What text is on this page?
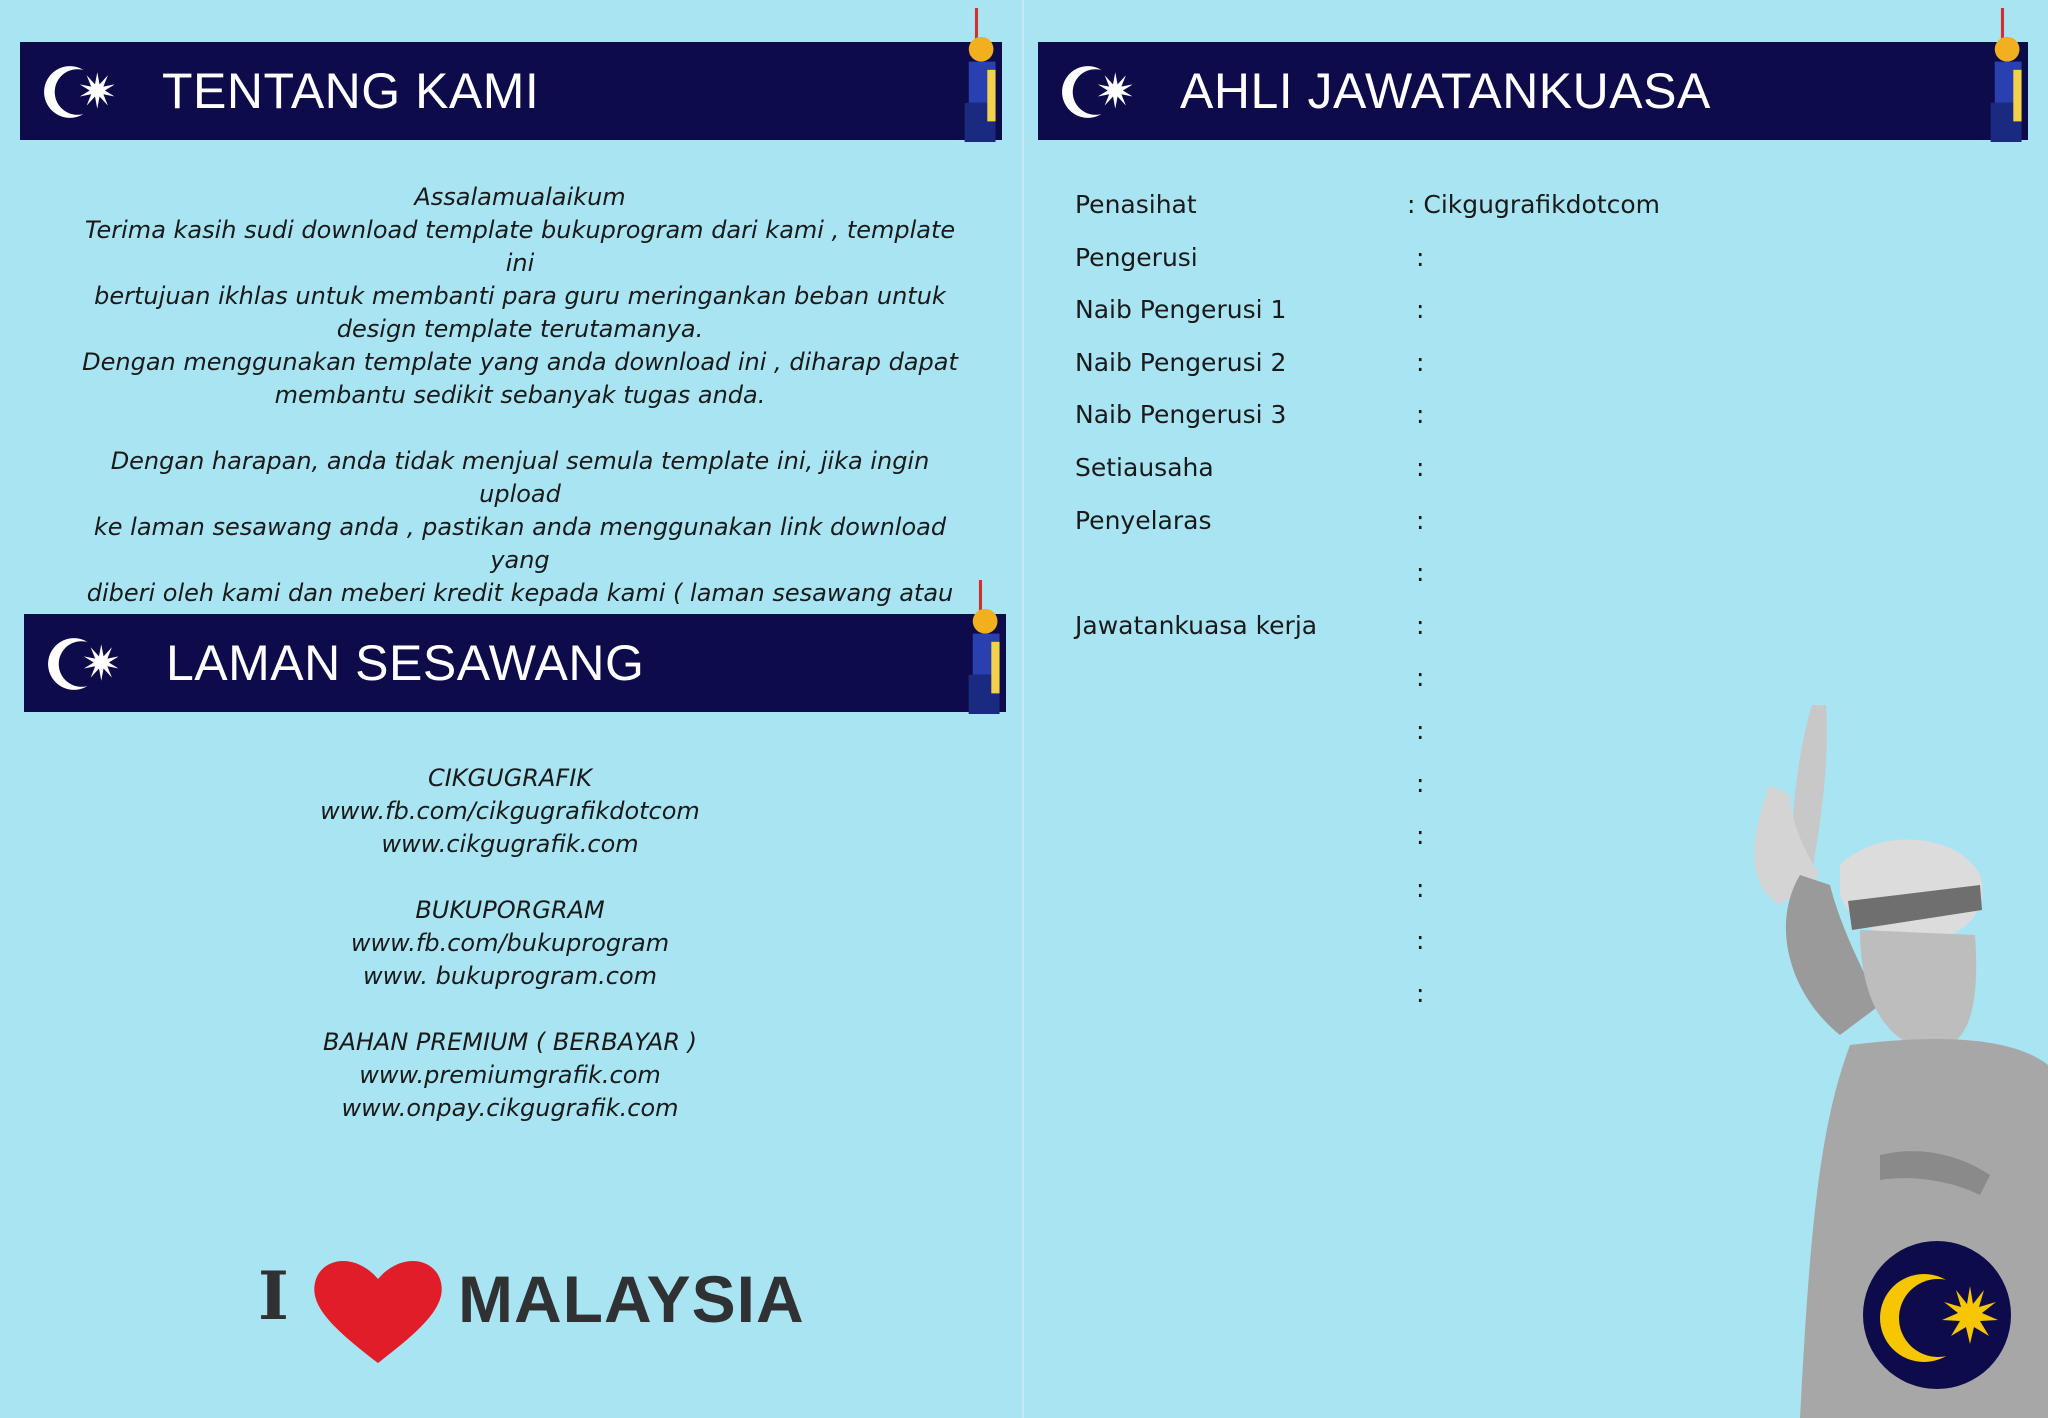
TENTANG KAMI

Assalamualaikum

Terima kasih sudi download template bukuprogram dari kami , template ini

bertujuan ikhlas untuk membanti para guru meringankan beban untuk

design template terutamanya.

Dengan menggunakan template yang anda download ini , diharap dapat

membantu sedikit sebanyak tugas anda.

Dengan harapan, anda tidak menjual semula template ini, jika ingin upload

ke laman sesawang anda , pastikan anda menggunakan link download yang

diberi oleh kami dan meberi kredit kepada kami ( laman sesawang atau

LAMAN SESAWANG
CIKGUGRAFIK
www.fb.com/cikgugrafikdotcom
www.cikgugrafik.com
BUKUPORGRAM
www.fb.com/bukuprogram
www. bukuprogram.com
BAHAN PREMIUM ( BERBAYAR )
www.premiumgrafik.com
www.onpay.cikgugrafik.com
I	MALAYSIA
AHLI JAWATANKUASA
Penasihat	: Cikgugrafikdotcom
Pengerusi	:
Naib Pengerusi 1	:
Naib Pengerusi 2	:
Naib Pengerusi 3	:
Setiausaha	:
Penyelaras	:
:
Jawatankuasa kerja	:
:
:
:
:
:
:
:
